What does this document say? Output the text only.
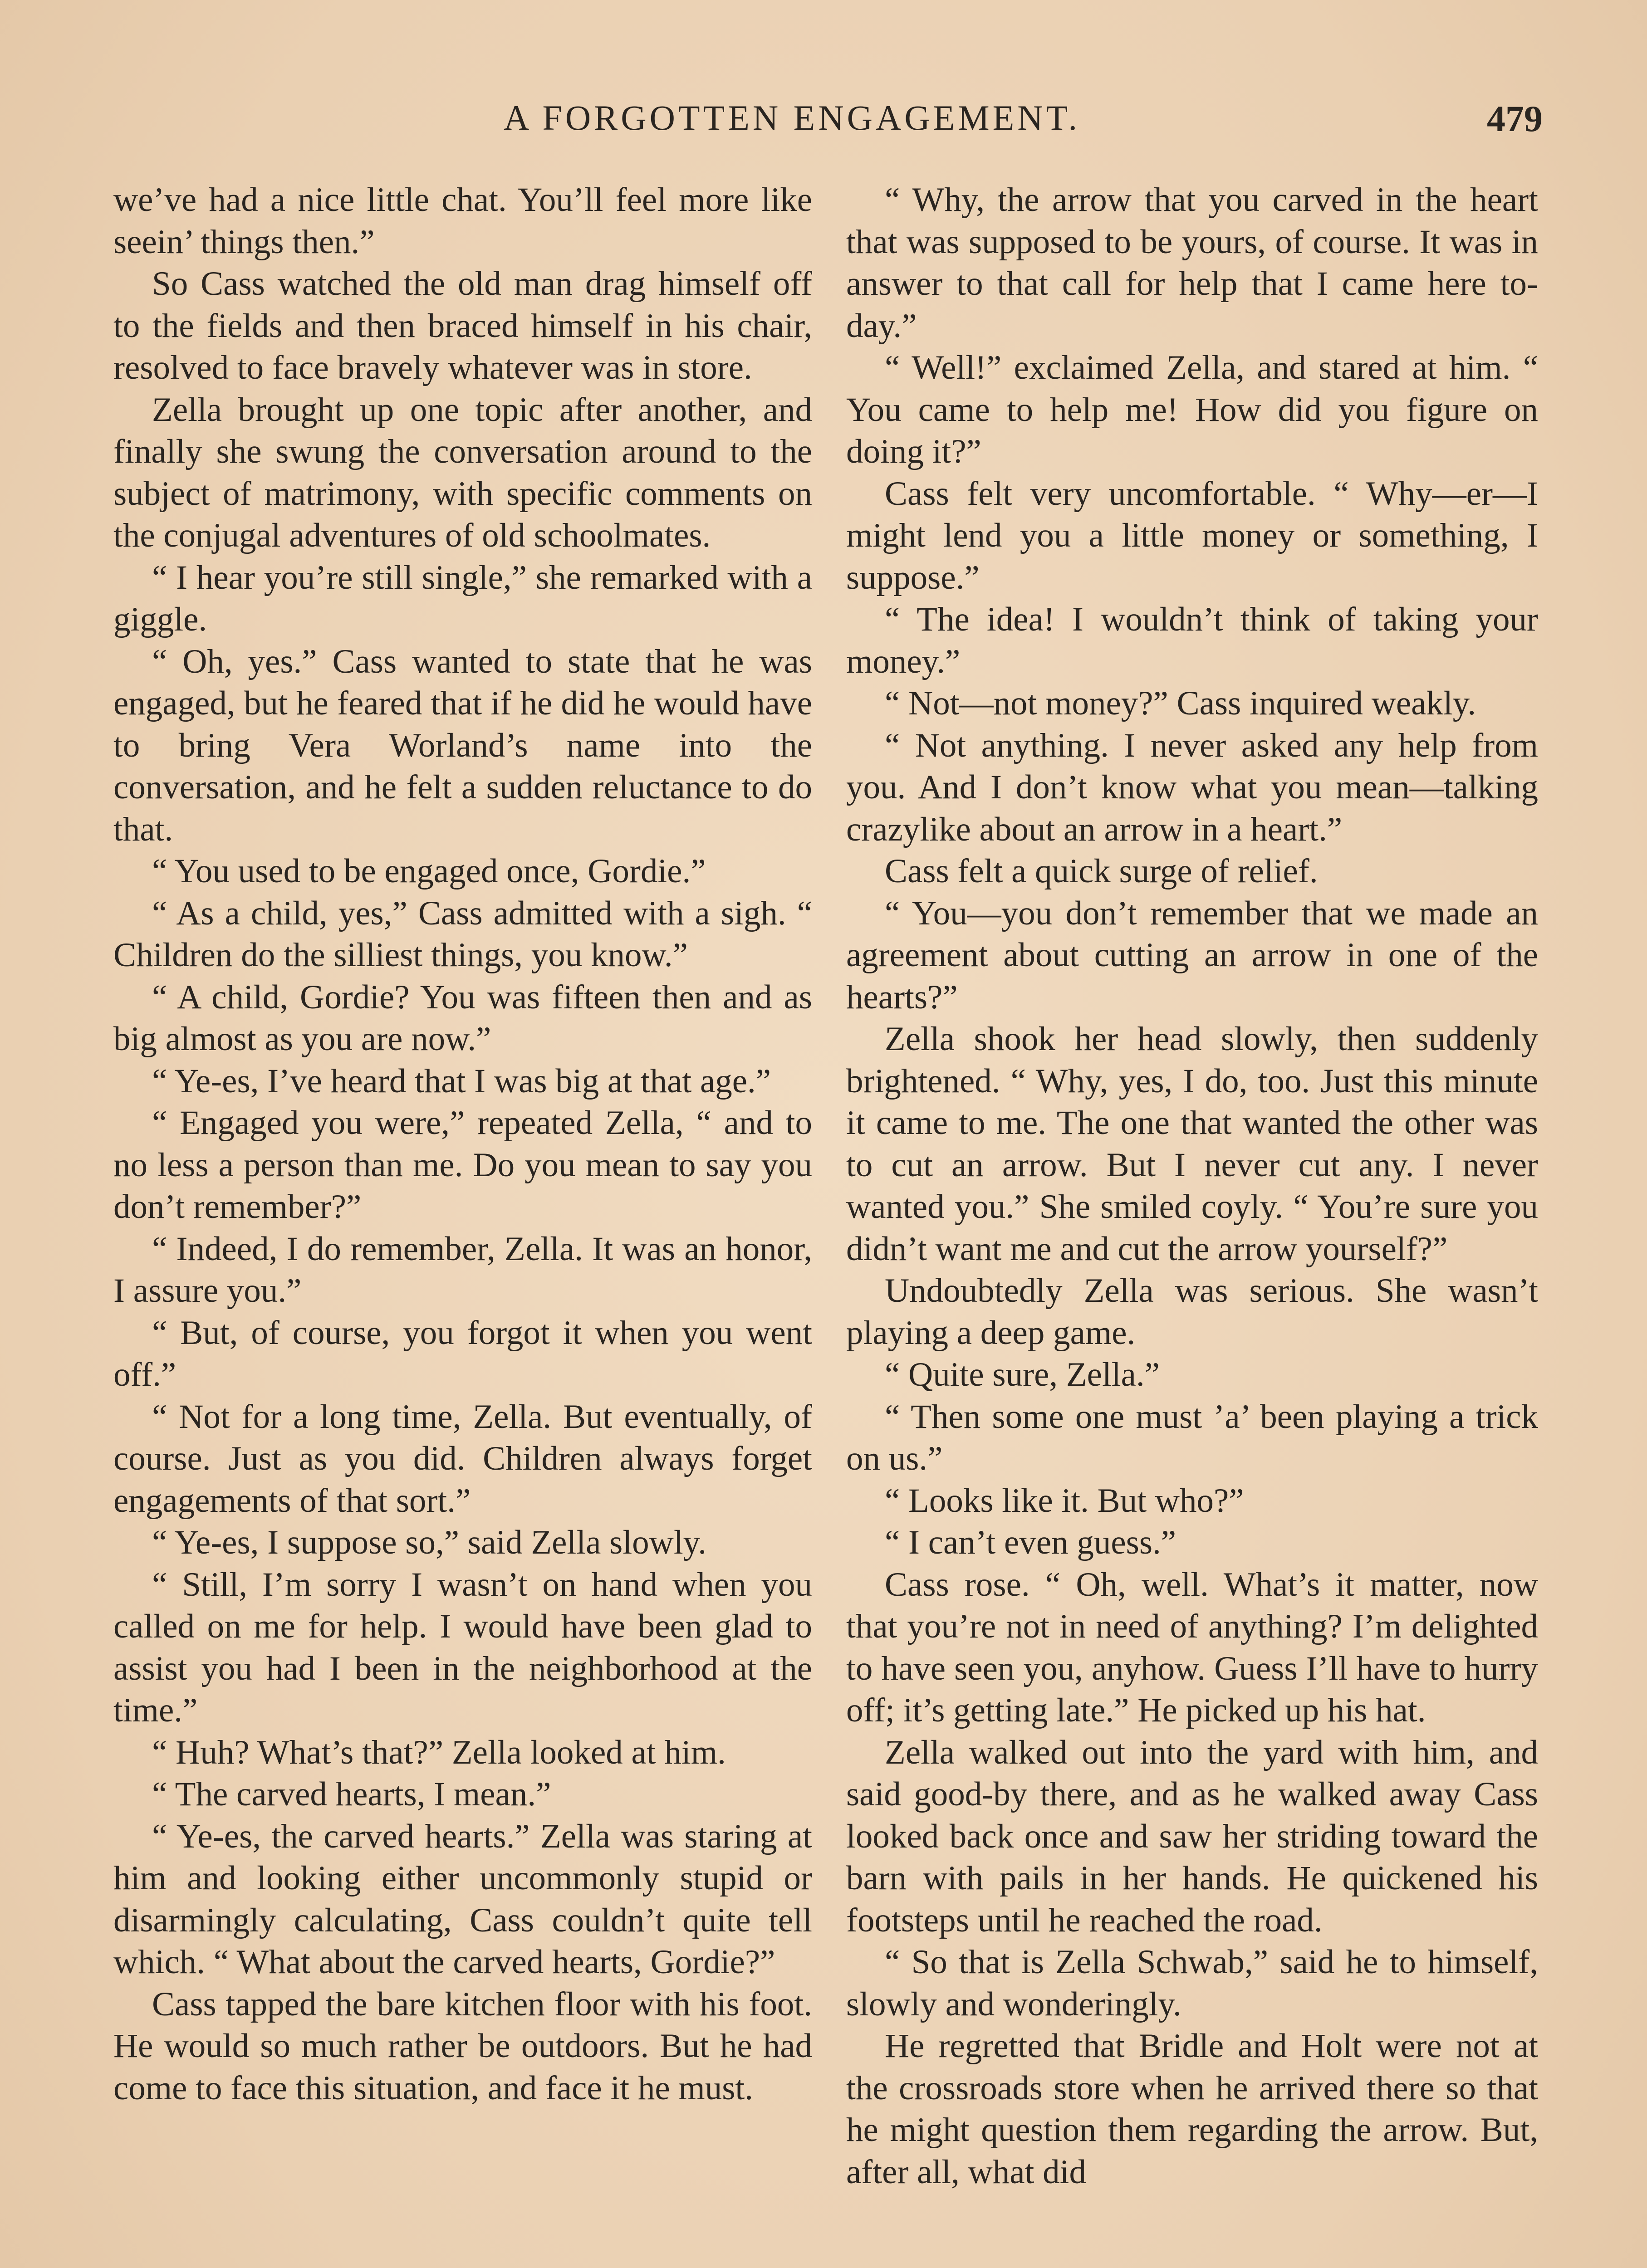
A FORGOTTEN ENGAGEMENT.	479

we’ve had a nice little chat. You’ll feel more like seein’ things then.”

So Cass watched the old man drag himself off to the fields and then braced himself in his chair, resolved to face bravely whatever was in store.

Zella brought up one topic after another, and finally she swung the conversation around to the subject of matrimony, with specific comments on the conjugal adventures of old schoolmates.

“ I hear you’re still single,” she remarked with a giggle.

“ Oh, yes.” Cass wanted to state that he was engaged, but he feared that if he did he would have to bring Vera Worland’s name into the conversation, and he felt a sudden reluctance to do that.

“ You used to be engaged once, Gordie.”

“ As a child, yes,” Cass admitted with a sigh. “ Children do the silliest things, you know.”

“ A child, Gordie? You was fifteen then and as big almost as you are now.”

“ Ye-es, I’ve heard that I was big at that age.”

“ Engaged you were,” repeated Zella, “ and to no less a person than me. Do you mean to say you don’t remember?”

“ Indeed, I do remember, Zella. It was an honor, I assure you.”

“ But, of course, you forgot it when you went off.”

“ Not for a long time, Zella. But eventually, of course. Just as you did. Children always forget engagements of that sort.”

“ Ye-es, I suppose so,” said Zella slowly.

“ Still, I’m sorry I wasn’t on hand when you called on me for help. I would have been glad to assist you had I been in the neighborhood at the time.”

“ Huh? What’s that?” Zella looked at him.

“ The carved hearts, I mean.”

“ Ye-es, the carved hearts.” Zella was staring at him and looking either uncommonly stupid or disarmingly calculating, Cass couldn’t quite tell which. “ What about the carved hearts, Gordie?”

Cass tapped the bare kitchen floor with his foot. He would so much rather be outdoors. But he had come to face this situation, and face it he must.

“ Why, the arrow that you carved in the heart that was supposed to be yours, of course. It was in answer to that call for help that I came here to-day.”

“ Well!” exclaimed Zella, and stared at him. “ You came to help me! How did you figure on doing it?”

Cass felt very uncomfortable. “ Why—er—I might lend you a little money or something, I suppose.”

“ The idea! I wouldn’t think of taking your money.”

“ Not—not money?” Cass inquired weakly.

“ Not anything. I never asked any help from you. And I don’t know what you mean—talking crazylike about an arrow in a heart.”

Cass felt a quick surge of relief.

“ You—you don’t remember that we made an agreement about cutting an arrow in one of the hearts?”

Zella shook her head slowly, then suddenly brightened. “ Why, yes, I do, too. Just this minute it came to me. The one that wanted the other was to cut an arrow. But I never cut any. I never wanted you.” She smiled coyly. “ You’re sure you didn’t want me and cut the arrow yourself?”

Undoubtedly Zella was serious. She wasn’t playing a deep game.

“ Quite sure, Zella.”

“ Then some one must ’a’ been playing a trick on us.”

“ Looks like it. But who?”

“ I can’t even guess.”

Cass rose. “ Oh, well. What’s it matter, now that you’re not in need of anything? I’m delighted to have seen you, anyhow. Guess I’ll have to hurry off; it’s getting late.” He picked up his hat.

Zella walked out into the yard with him, and said good-by there, and as he walked away Cass looked back once and saw her striding toward the barn with pails in her hands. He quickened his footsteps until he reached the road.

“ So that is Zella Schwab,” said he to himself, slowly and wonderingly.

He regretted that Bridle and Holt were not at the crossroads store when he arrived there so that he might question them regarding the arrow. But, after all, what did
